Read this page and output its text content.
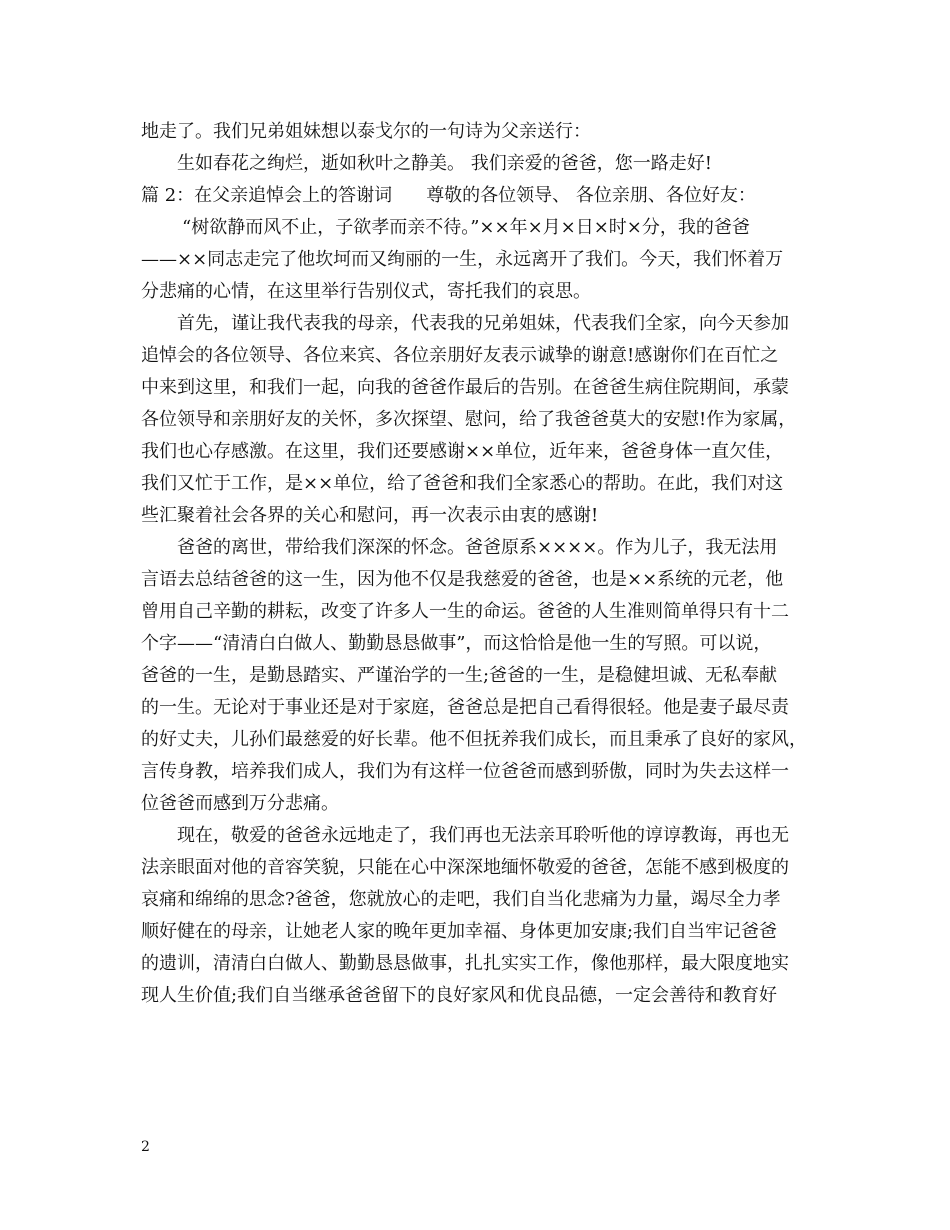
地走了。我们兄弟姐妹想以泰戈尔的一句诗为父亲送行：
生如春花之绚烂，逝如秋叶之静美。 我们亲爱的爸爸，您一路走好!
篇 2：在父亲追悼会上的答谢词 尊敬的各位领导、 各位亲朋、各位好友：
“树欲静而风不止，子欲孝而亲不待。”××年×月×日×时×分，我的爸爸
——××同志走完了他坎坷而又绚丽的一生，永远离开了我们。今天，我们怀着万
分悲痛的心情，在这里举行告别仪式，寄托我们的哀思。
首先，谨让我代表我的母亲，代表我的兄弟姐妹，代表我们全家，向今天参加
追悼会的各位领导、各位来宾、各位亲朋好友表示诚挚的谢意!感谢你们在百忙之
中来到这里，和我们一起，向我的爸爸作最后的告别。在爸爸生病住院期间，承蒙
各位领导和亲朋好友的关怀，多次探望、慰问，给了我爸爸莫大的安慰!作为家属，
我们也心存感激。在这里，我们还要感谢××单位，近年来，爸爸身体一直欠佳，
我们又忙于工作，是××单位，给了爸爸和我们全家悉心的帮助。在此，我们对这
些汇聚着社会各界的关心和慰问，再一次表示由衷的感谢!
爸爸的离世，带给我们深深的怀念。爸爸原系××××。作为儿子，我无法用
言语去总结爸爸的这一生，因为他不仅是我慈爱的爸爸，也是××系统的元老，他
曾用自己辛勤的耕耘，改变了许多人一生的命运。爸爸的人生准则简单得只有十二
个字——“清清白白做人、勤勤恳恳做事”，而这恰恰是他一生的写照。可以说，
爸爸的一生，是勤恳踏实、严谨治学的一生;爸爸的一生，是稳健坦诚、无私奉献
的一生。无论对于事业还是对于家庭，爸爸总是把自己看得很轻。他是妻子最尽责
的好丈夫，儿孙们最慈爱的好长辈。他不但抚养我们成长，而且秉承了良好的家风，
言传身教，培养我们成人，我们为有这样一位爸爸而感到骄傲，同时为失去这样一
位爸爸而感到万分悲痛。
现在，敬爱的爸爸永远地走了，我们再也无法亲耳聆听他的谆谆教诲，再也无
法亲眼面对他的音容笑貌，只能在心中深深地缅怀敬爱的爸爸，怎能不感到极度的
哀痛和绵绵的思念?爸爸，您就放心的走吧，我们自当化悲痛为力量，竭尽全力孝
顺好健在的母亲，让她老人家的晚年更加幸福、身体更加安康;我们自当牢记爸爸
的遗训，清清白白做人、勤勤恳恳做事，扎扎实实工作，像他那样，最大限度地实
现人生价值;我们自当继承爸爸留下的良好家风和优良品德，一定会善待和教育好
2
